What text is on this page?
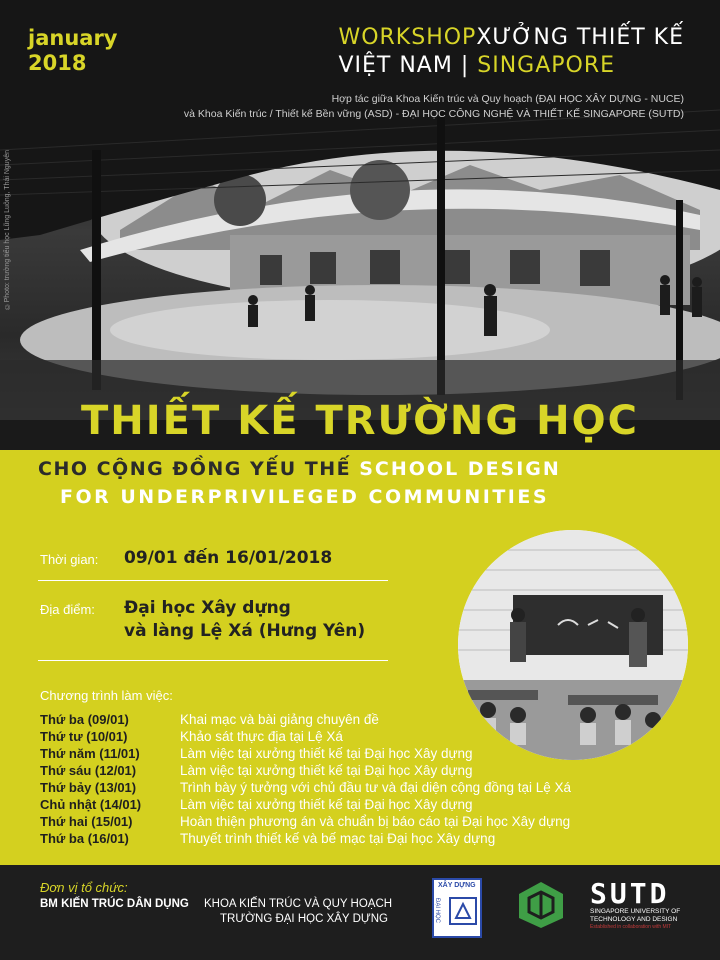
january
2018
WORKSHOPXƯỞNG THIẾT KẾ
VIỆT NAM | SINGAPORE
Hợp tác giữa Khoa Kiến trúc và Quy hoạch (ĐẠI HỌC XÂY DỰNG - NUCE)
và Khoa Kiến trúc / Thiết kế Bền vững (ASD) - ĐẠI HỌC CÔNG NGHỆ VÀ THIẾT KẾ SINGAPORE (SUTD)
©Photo: trường tiểu học Lũng Luông, Thái Nguyên
THIẾT KẾ TRƯỜNG HỌC
CHO CỘNG ĐỒNG YẾU THẾ SCHOOL DESIGN
FOR UNDERPRIVILEGED COMMUNITIES
Thời gian: 09/01 đến 16/01/2018
Địa điểm: Đại học Xây dựng
và làng Lệ Xá (Hưng Yên)
Chương trình làm việc:
Thứ ba (09/01)	Khai mạc và bài giảng chuyên đề
Thứ tư (10/01)	Khảo sát thực địa tại Lệ Xá
Thứ năm (11/01)	Làm việc tại xưởng thiết kế tại Đại học Xây dựng
Thứ sáu (12/01)	Làm việc tại xưởng thiết kế tại Đại học Xây dựng
Thứ bảy (13/01)	Trình bày ý tưởng với chủ đầu tư và đại diện cộng đồng tại Lệ Xá
Chủ nhật (14/01)	Làm việc tại xưởng thiết kế tại Đại học Xây dựng
Thứ hai (15/01)	Hoàn thiện phương án và chuẩn bị báo cáo tại Đại học Xây dựng
Thứ ba (16/01)	Thuyết trình thiết kế và bế mạc tại Đại học Xây dựng
Đơn vị tổ chức:
BM KIẾN TRÚC DÂN DỤNG KHOA KIẾN TRÚC VÀ QUY HOẠCH
TRƯỜNG ĐẠI HỌC XÂY DỰNG
XÂY DỰNG
ĐẠI HỌC
SUTD
SINGAPORE UNIVERSITY OF
TECHNOLOGY AND DESIGN
Established in collaboration with MIT
